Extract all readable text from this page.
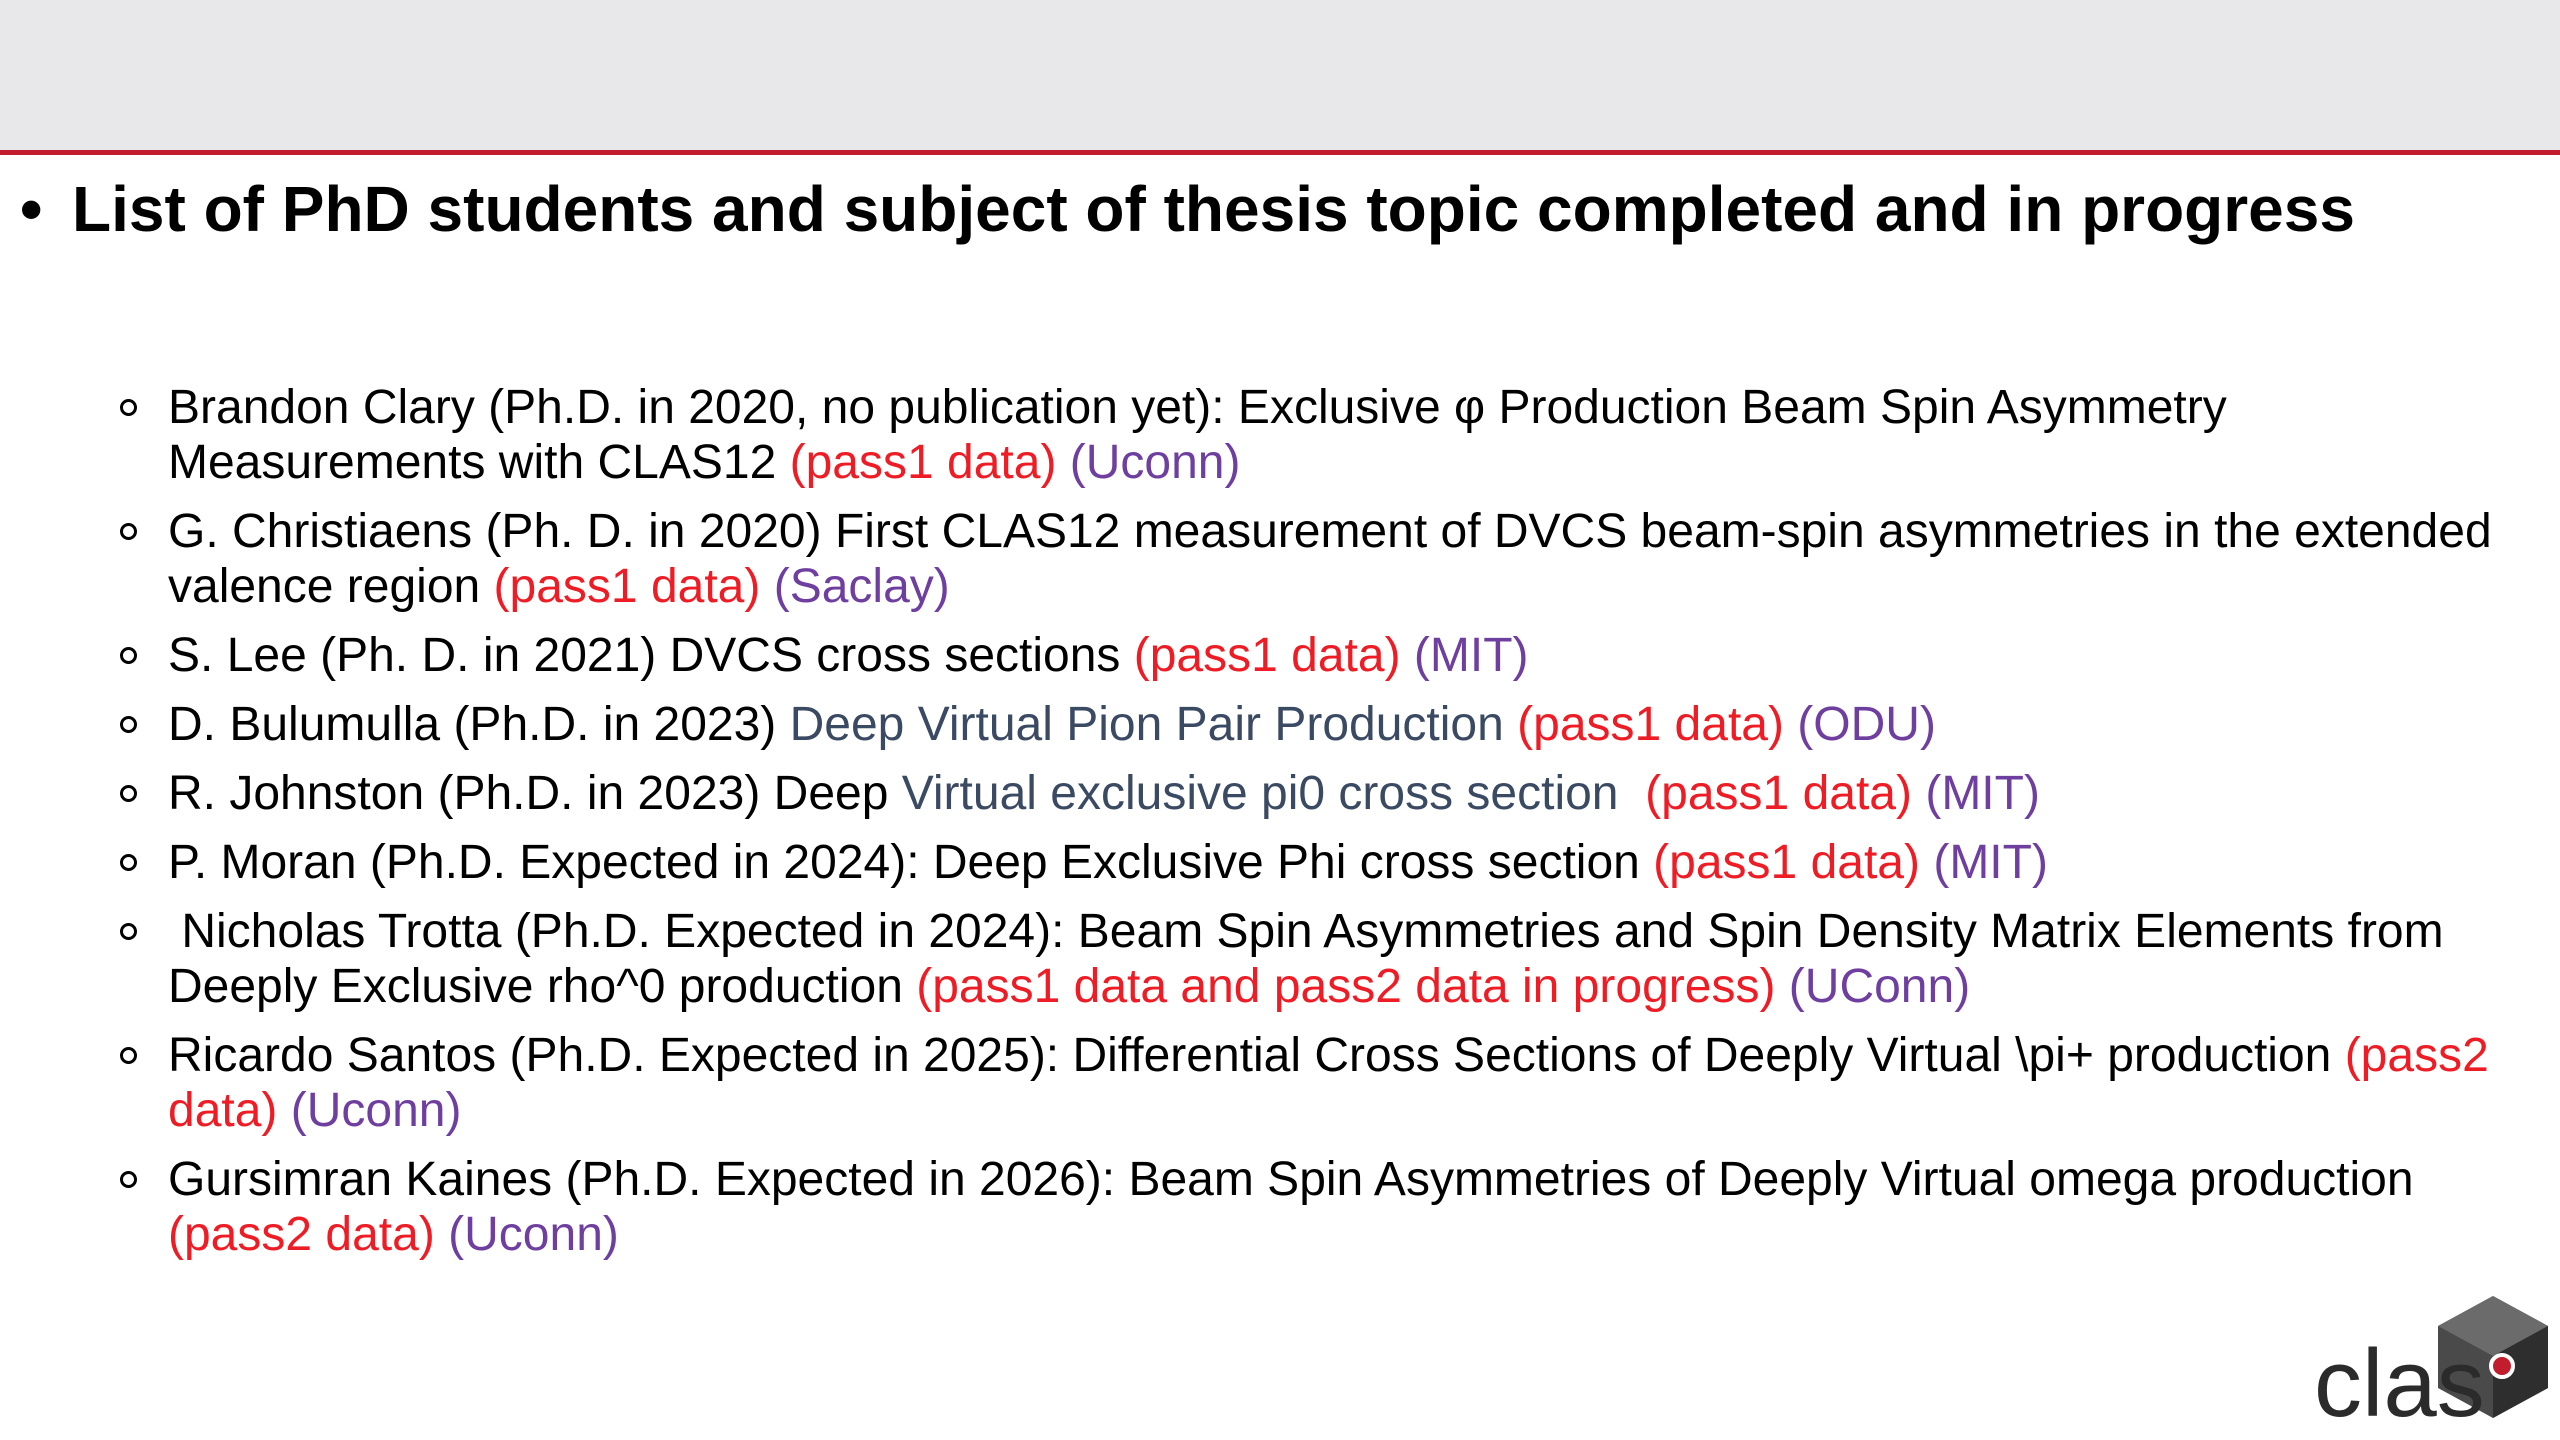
• List of PhD students and subject of thesis topic completed and in progress
Brandon Clary (Ph.D. in 2020, no publication yet): Exclusive φ Production Beam Spin Asymmetry Measurements with CLAS12 (pass1 data) (Uconn)
G. Christiaens (Ph. D. in 2020) First CLAS12 measurement of DVCS beam-spin asymmetries in the extended valence region (pass1 data) (Saclay)
S. Lee (Ph. D. in 2021) DVCS cross sections (pass1 data) (MIT)
D. Bulumulla (Ph.D. in 2023) Deep Virtual Pion Pair Production (pass1 data) (ODU)
R. Johnston (Ph.D. in 2023) Deep Virtual exclusive pi0 cross section  (pass1 data) (MIT)
P. Moran (Ph.D. Expected in 2024): Deep Exclusive Phi cross section (pass1 data) (MIT)
Nicholas Trotta (Ph.D. Expected in 2024): Beam Spin Asymmetries and Spin Density Matrix Elements from Deeply Exclusive rho^0 production (pass1 data and pass2 data in progress) (UConn)
Ricardo Santos (Ph.D. Expected in 2025): Differential Cross Sections of Deeply Virtual \pi+ production (pass2 data) (Uconn)
Gursimran Kaines (Ph.D. Expected in 2026): Beam Spin Asymmetries of Deeply Virtual omega production (pass2 data) (Uconn)
clas
